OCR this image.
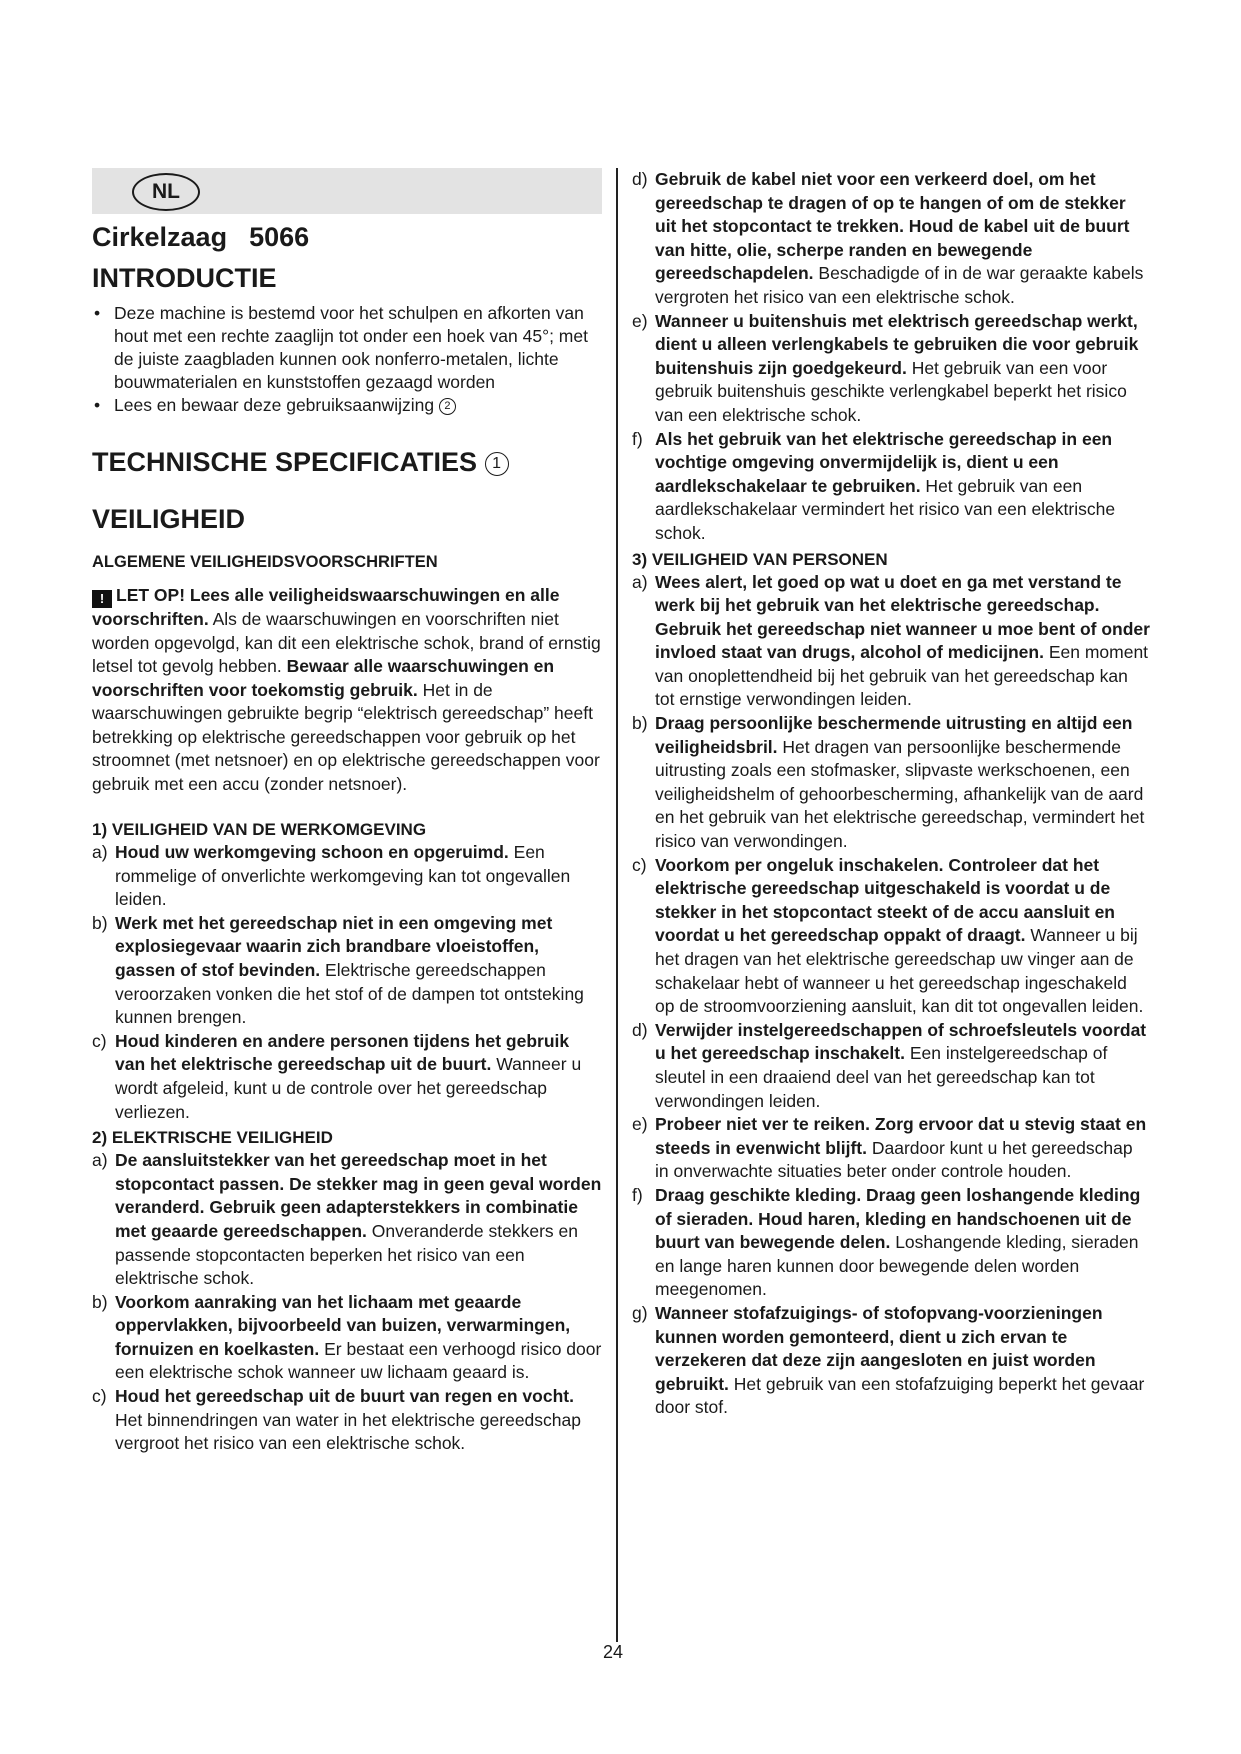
NL
Cirkelzaag 5066
INTRODUCTIE
• Deze machine is bestemd voor het schulpen en afkorten van hout met een rechte zaaglijn tot onder een hoek van 45°; met de juiste zaagbladen kunnen ook nonferro-metalen, lichte bouwmaterialen en kunststoffen gezaagd worden
• Lees en bewaar deze gebruiksaanwijzing 2
TECHNISCHE SPECIFICATIES 1
VEILIGHEID
ALGEMENE VEILIGHEIDSVOORSCHRIFTEN
! LET OP! Lees alle veiligheidswaarschuwingen en alle voorschriften. Als de waarschuwingen en voorschriften niet worden opgevolgd, kan dit een elektrische schok, brand of ernstig letsel tot gevolg hebben. Bewaar alle waarschuwingen en voorschriften voor toekomstig gebruik. Het in de waarschuwingen gebruikte begrip “elektrisch gereedschap” heeft betrekking op elektrische gereedschappen voor gebruik op het stroomnet (met netsnoer) en op elektrische gereedschappen voor gebruik met een accu (zonder netsnoer).
1) VEILIGHEID VAN DE WERKOMGEVING
a) Houd uw werkomgeving schoon en opgeruimd. Een rommelige of onverlichte werkomgeving kan tot ongevallen leiden.
b) Werk met het gereedschap niet in een omgeving met explosiegevaar waarin zich brandbare vloeistoffen, gassen of stof bevinden. Elektrische gereedschappen veroorzaken vonken die het stof of de dampen tot ontsteking kunnen brengen.
c) Houd kinderen en andere personen tijdens het gebruik van het elektrische gereedschap uit de buurt. Wanneer u wordt afgeleid, kunt u de controle over het gereedschap verliezen.
2) ELEKTRISCHE VEILIGHEID
a) De aansluitstekker van het gereedschap moet in het stopcontact passen. De stekker mag in geen geval worden veranderd. Gebruik geen adapterstekkers in combinatie met geaarde gereedschappen. Onveranderde stekkers en passende stopcontacten beperken het risico van een elektrische schok.
b) Voorkom aanraking van het lichaam met geaarde oppervlakken, bijvoorbeeld van buizen, verwarmingen, fornuizen en koelkasten. Er bestaat een verhoogd risico door een elektrische schok wanneer uw lichaam geaard is.
c) Houd het gereedschap uit de buurt van regen en vocht. Het binnendringen van water in het elektrische gereedschap vergroot het risico van een elektrische schok.
d) Gebruik de kabel niet voor een verkeerd doel, om het gereedschap te dragen of op te hangen of om de stekker uit het stopcontact te trekken. Houd de kabel uit de buurt van hitte, olie, scherpe randen en bewegende gereedschapdelen. Beschadigde of in de war geraakte kabels vergroten het risico van een elektrische schok.
e) Wanneer u buitenshuis met elektrisch gereedschap werkt, dient u alleen verlengkabels te gebruiken die voor gebruik buitenshuis zijn goedgekeurd. Het gebruik van een voor gebruik buitenshuis geschikte verlengkabel beperkt het risico van een elektrische schok.
f) Als het gebruik van het elektrische gereedschap in een vochtige omgeving onvermijdelijk is, dient u een aardlekschakelaar te gebruiken. Het gebruik van een aardlekschakelaar vermindert het risico van een elektrische schok.
3) VEILIGHEID VAN PERSONEN
a) Wees alert, let goed op wat u doet en ga met verstand te werk bij het gebruik van het elektrische gereedschap. Gebruik het gereedschap niet wanneer u moe bent of onder invloed staat van drugs, alcohol of medicijnen. Een moment van onoplettendheid bij het gebruik van het gereedschap kan tot ernstige verwondingen leiden.
b) Draag persoonlijke beschermende uitrusting en altijd een veiligheidsbril. Het dragen van persoonlijke beschermende uitrusting zoals een stofmasker, slipvaste werkschoenen, een veiligheidshelm of gehoorbescherming, afhankelijk van de aard en het gebruik van het elektrische gereedschap, vermindert het risico van verwondingen.
c) Voorkom per ongeluk inschakelen. Controleer dat het elektrische gereedschap uitgeschakeld is voordat u de stekker in het stopcontact steekt of de accu aansluit en voordat u het gereedschap oppakt of draagt. Wanneer u bij het dragen van het elektrische gereedschap uw vinger aan de schakelaar hebt of wanneer u het gereedschap ingeschakeld op de stroomvoorziening aansluit, kan dit tot ongevallen leiden.
d) Verwijder instelgereedschappen of schroefsleutels voordat u het gereedschap inschakelt. Een instelgereedschap of sleutel in een draaiend deel van het gereedschap kan tot verwondingen leiden.
e) Probeer niet ver te reiken. Zorg ervoor dat u stevig staat en steeds in evenwicht blijft. Daardoor kunt u het gereedschap in onverwachte situaties beter onder controle houden.
f) Draag geschikte kleding. Draag geen loshangende kleding of sieraden. Houd haren, kleding en handschoenen uit de buurt van bewegende delen. Loshangende kleding, sieraden en lange haren kunnen door bewegende delen worden meegenomen.
g) Wanneer stofafzuigings- of stofopvang-voorzieningen kunnen worden gemonteerd, dient u zich ervan te verzekeren dat deze zijn aangesloten en juist worden gebruikt. Het gebruik van een stofafzuiging beperkt het gevaar door stof.
24
